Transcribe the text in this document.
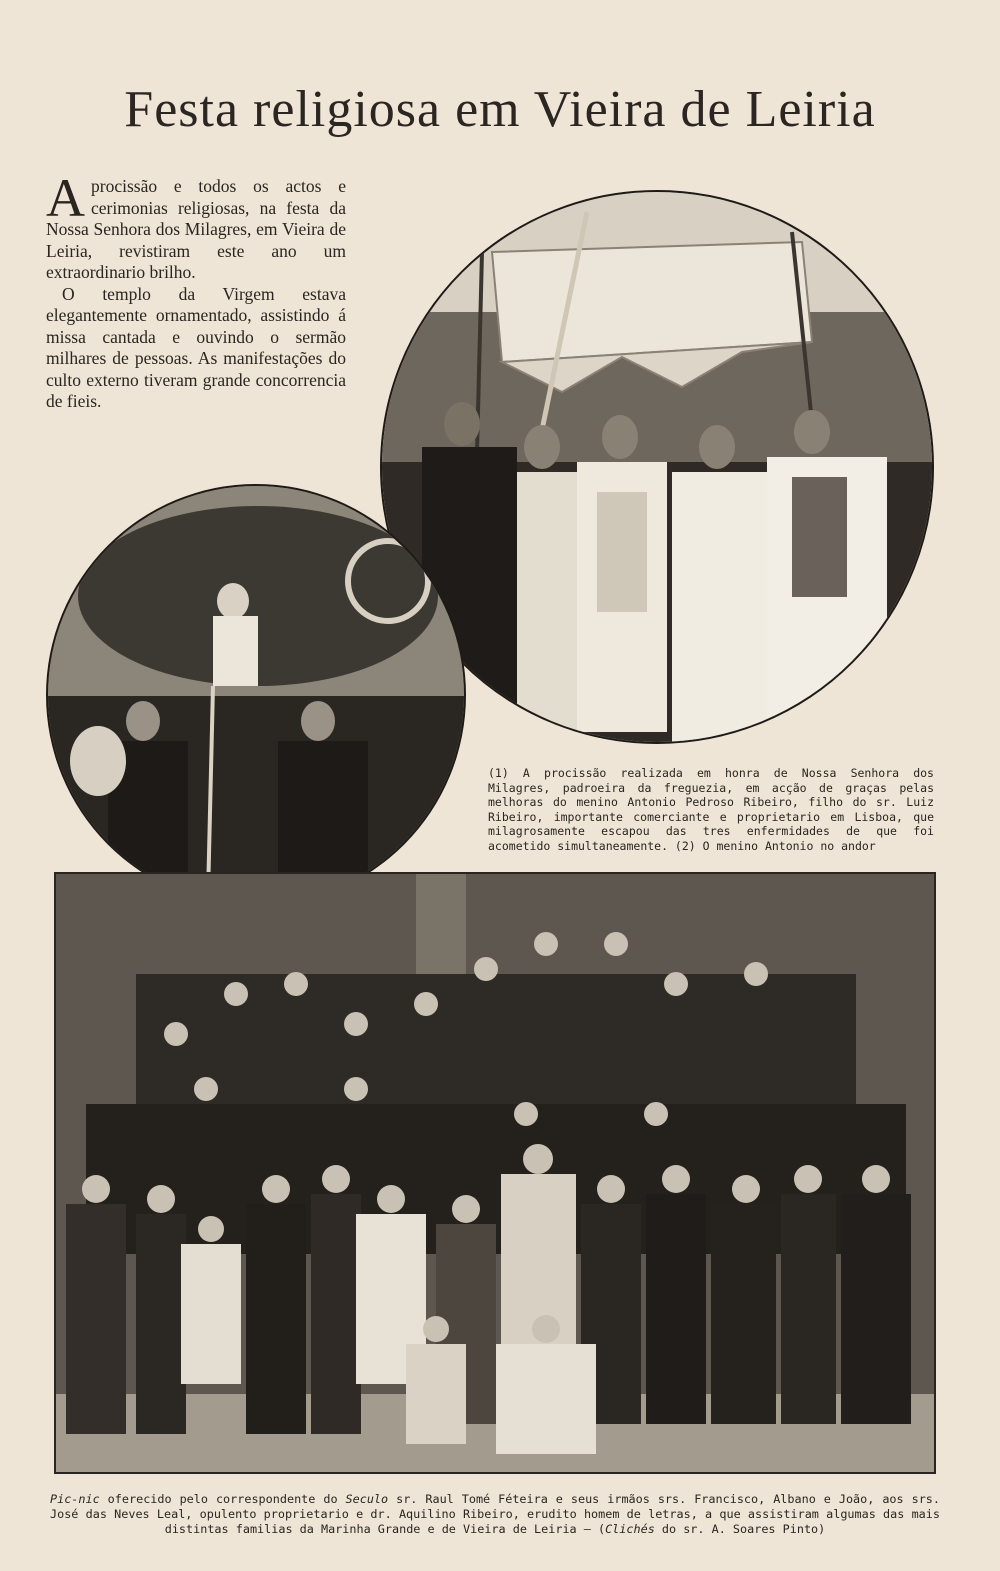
Festa religiosa em Vieira de Leiria

A procissão e todos os actos e cerimonias religiosas, na festa da Nossa Senhora dos Milagres, em Vieira de Leiria, revistiram este ano um extraordinario brilho.

O templo da Virgem estava elegantemente ornamentado, assistindo á missa cantada e ouvindo o sermão milhares de pessoas. As manifestações do culto externo tiveram grande concorrencia de fieis.

(1) A procissão realizada em honra de Nossa Senhora dos Milagres, padroeira da freguezia, em acção de graças pelas melhoras do menino Antonio Pedroso Ribeiro, filho do sr. Luiz Ribeiro, importante comerciante e proprietario em Lisboa, que milagrosamente escapou das tres enfermidades de que foi acometido simultaneamente. (2) O menino Antonio no andor

Pic-nic oferecido pelo correspondente do Seculo sr. Raul Tomé Féteira e seus irmãos srs. Francisco, Albano e João, aos srs. José das Neves Leal, opulento proprietario e dr. Aquilino Ribeiro, erudito homem de letras, a que assistiram algumas das mais distintas familias da Marinha Grande e de Vieira de Leiria — (Clichés do sr. A. Soares Pinto)
